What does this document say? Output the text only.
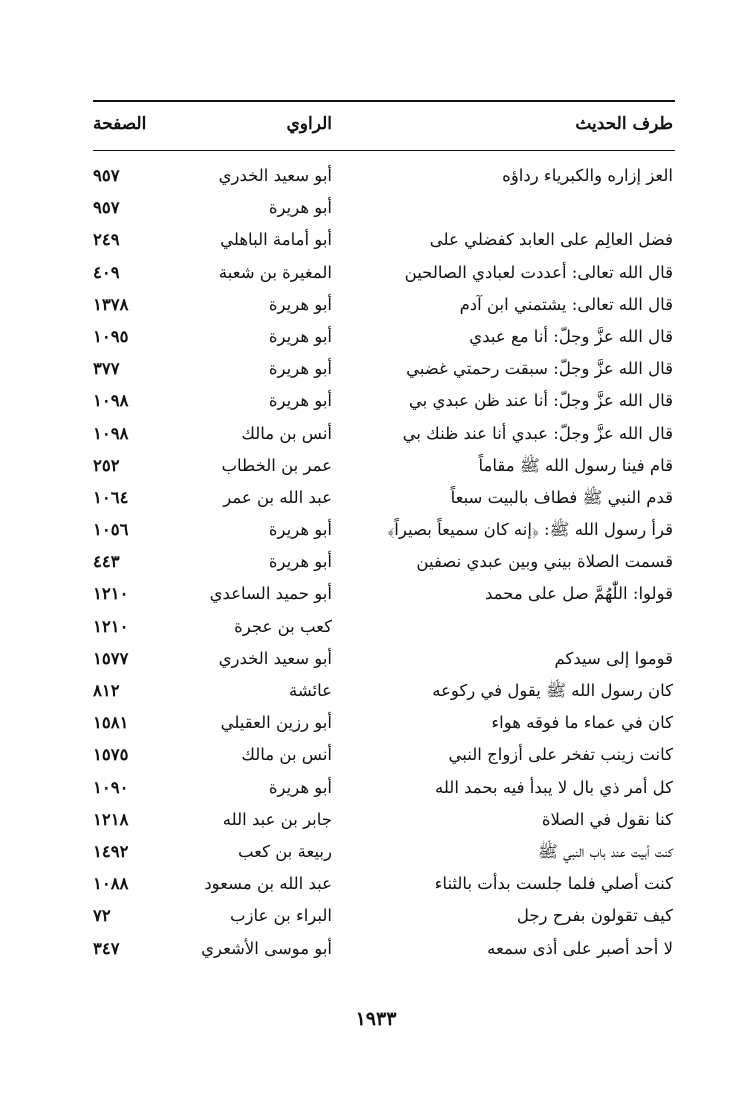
طرف الحديث
الراوي
الصفحة
العز إزاره والكبرياء رداؤه
أبو سعيد الخدري
٩٥٧
أبو هريرة
٩٥٧
فضل العالِم على العابد كفضلي على
أبو أمامة الباهلي
٢٤٩
قال الله تعالى: أعددت لعبادي الصالحين
المغيرة بن شعبة
٤٠٩
قال الله تعالى: يشتمني ابن آدم
أبو هريرة
١٣٧٨
قال الله عزَّ وجلّ: أنا مع عبدي
أبو هريرة
١٠٩٥
قال الله عزَّ وجلّ: سبقت رحمتي غضبي
أبو هريرة
٣٧٧
قال الله عزَّ وجلّ: أنا عند ظن عبدي بي
أبو هريرة
١٠٩٨
قال الله عزَّ وجلّ: عبدي أنا عند ظنك بي
أنس بن مالك
١٠٩٨
قام فينا رسول الله ﷺ مقاماً
عمر بن الخطاب
٢٥٢
قدم النبي ﷺ فطاف بالبيت سبعاً
عبد الله بن عمر
١٠٦٤
قرأ رسول الله ﷺ: ﴿إنه كان سميعاً بصيراً﴾
أبو هريرة
١٠٥٦
قسمت الصلاة بيني وبين عبدي نصفين
أبو هريرة
٤٤٣
قولوا: اللّٰهُمَّ صل على محمد
أبو حميد الساعدي
١٢١٠
كعب بن عجرة
١٢١٠
قوموا إلى سيدكم
أبو سعيد الخدري
١٥٧٧
كان رسول الله ﷺ يقول في ركوعه
عائشة
٨١٢
كان في عماء ما فوقه هواء
أبو رزين العقيلي
١٥٨١
كانت زينب تفخر على أزواج النبي
أنس بن مالك
١٥٧٥
كل أمر ذي بال لا يبدأ فيه بحمد الله
أبو هريرة
١٠٩٠
كنا نقول في الصلاة
جابر بن عبد الله
١٢١٨
كنت أبيت عند باب النبي ﷺ
ربيعة بن كعب
١٤٩٢
كنت أصلي فلما جلست بدأت بالثناء
عبد الله بن مسعود
١٠٨٨
كيف تقولون بفرح رجل
البراء بن عازب
٧٢
لا أحد أصبر على أذى سمعه
أبو موسى الأشعري
٣٤٧
١٩٣٣
